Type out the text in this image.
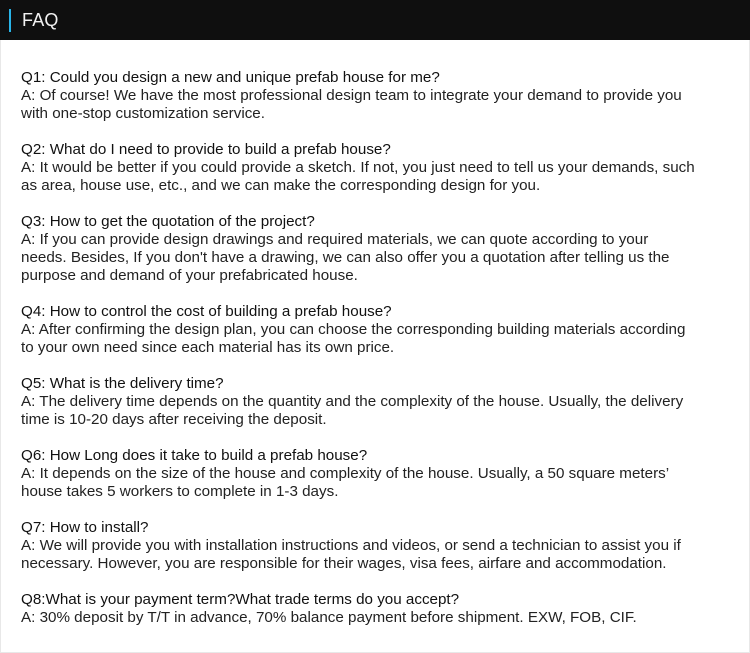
FAQ

Q1: Could you design a new and unique prefab house for me?

A: Of course! We have the most professional design team to integrate your demand to provide you
with one-stop customization service.

Q2: What do I need to provide to build a prefab house?

A: It would be better if you could provide a sketch. If not, you just need to tell us your demands, such
as area, house use, etc., and we can make the corresponding design for you.

Q3: How to get the quotation of the project?

A: If you can provide design drawings and required materials, we can quote according to your
needs. Besides, If you don't have a drawing, we can also offer you a quotation after telling us the
purpose and demand of your prefabricated house.

Q4: How to control the cost of building a prefab house?

A: After confirming the design plan, you can choose the corresponding building materials according
to your own need since each material has its own price.

Q5: What is the delivery time?

A: The delivery time depends on the quantity and the complexity of the house. Usually, the delivery
time is 10-20 days after receiving the deposit.

Q6: How Long does it take to build a prefab house?

A: It depends on the size of the house and complexity of the house. Usually, a 50 square meters’
house takes 5 workers to complete in 1-3 days.

Q7: How to install?

A: We will provide you with installation instructions and videos, or send a technician to assist you if
necessary. However, you are responsible for their wages, visa fees, airfare and accommodation.

Q8:What is your payment term?What trade terms do you accept?

A: 30% deposit by T/T in advance, 70% balance payment before shipment. EXW, FOB, CIF.
